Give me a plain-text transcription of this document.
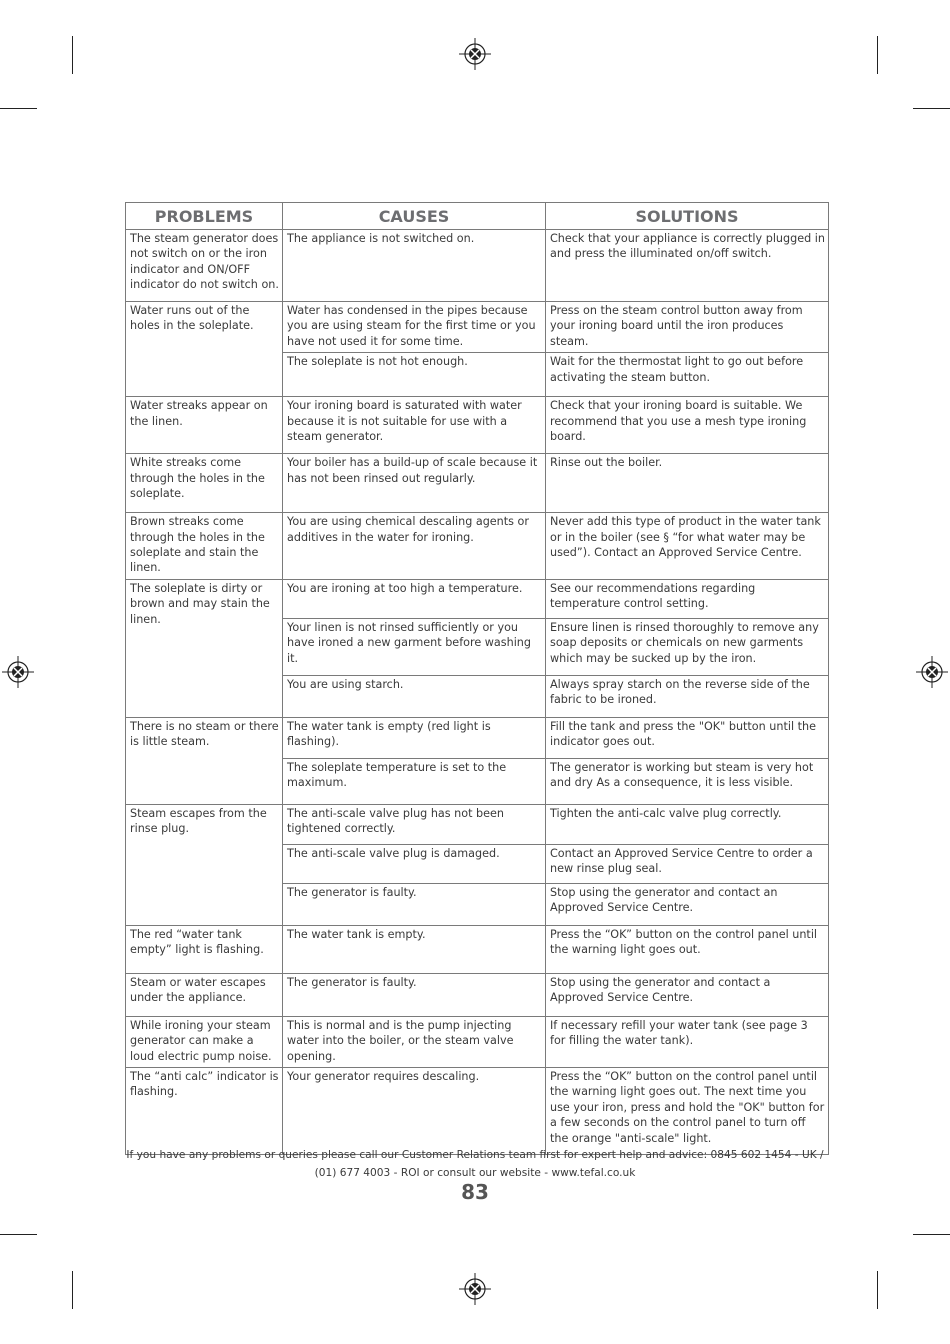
PROBLEMS	CAUSES	SOLUTIONS
The steam generator does not switch on or the iron indicator and ON/OFF indicator do not switch on.	The appliance is not switched on.	Check that your appliance is correctly plugged in and press the illuminated on/off switch.
Water runs out of the holes in the soleplate.	Water has condensed in the pipes because you are using steam for the first time or you have not used it for some time.	Press on the steam control button away from your ironing board until the iron produces steam.
	The soleplate is not hot enough.	Wait for the thermostat light to go out before activating the steam button.
Water streaks appear on the linen.	Your ironing board is saturated with water because it is not suitable for use with a steam generator.	Check that your ironing board is suitable. We recommend that you use a mesh type ironing board.
White streaks come through the holes in the soleplate.	Your boiler has a build-up of scale because it has not been rinsed out regularly.	Rinse out the boiler.
Brown streaks come through the holes in the soleplate and stain the linen.	You are using chemical descaling agents or additives in the water for ironing.	Never add this type of product in the water tank or in the boiler (see § “for what water may be used”). Contact an Approved Service Centre.
The soleplate is dirty or brown and may stain the linen.	You are ironing at too high a temperature.	See our recommendations regarding temperature control setting.
	Your linen is not rinsed sufficiently or you have ironed a new garment before washing it.	Ensure linen is rinsed thoroughly to remove any soap deposits or chemicals on new garments which may be sucked up by the iron.
	You are using starch.	Always spray starch on the reverse side of the fabric to be ironed.
There is no steam or there is little steam.	The water tank is empty (red light is flashing).	Fill the tank and press the "OK" button until the indicator goes out.
	The soleplate temperature is set to the maximum.	The generator is working but steam is very hot and dry As a consequence, it is less visible.
Steam escapes from the rinse plug.	The anti-scale valve plug has not been tightened correctly.	Tighten the anti-calc valve plug correctly.
	The anti-scale valve plug is damaged.	Contact an Approved Service Centre to order a new rinse plug seal.
	The generator is faulty.	Stop using the generator and contact an Approved Service Centre.
The red “water tank empty” light is flashing.	The water tank is empty.	Press the “OK” button on the control panel until the warning light goes out.
Steam or water escapes under the appliance.	The generator is faulty.	Stop using the generator and contact a Approved Service Centre.
While ironing your steam generator can make a loud electric pump noise.	This is normal and is the pump injecting water into the boiler, or the steam valve opening.	If necessary refill your water tank (see page 3 for filling the water tank).
The “anti calc” indicator is flashing.	Your generator requires descaling.	Press the “OK” button on the control panel until the warning light goes out. The next time you use your iron, press and hold the "OK" button for a few seconds on the control panel to turn off the orange "anti-scale" light.
If you have any problems or queries please call our Customer Relations team first for expert help and advice: 0845 602 1454 - UK /
(01) 677 4003 - ROI or consult our website - www.tefal.co.uk
83
